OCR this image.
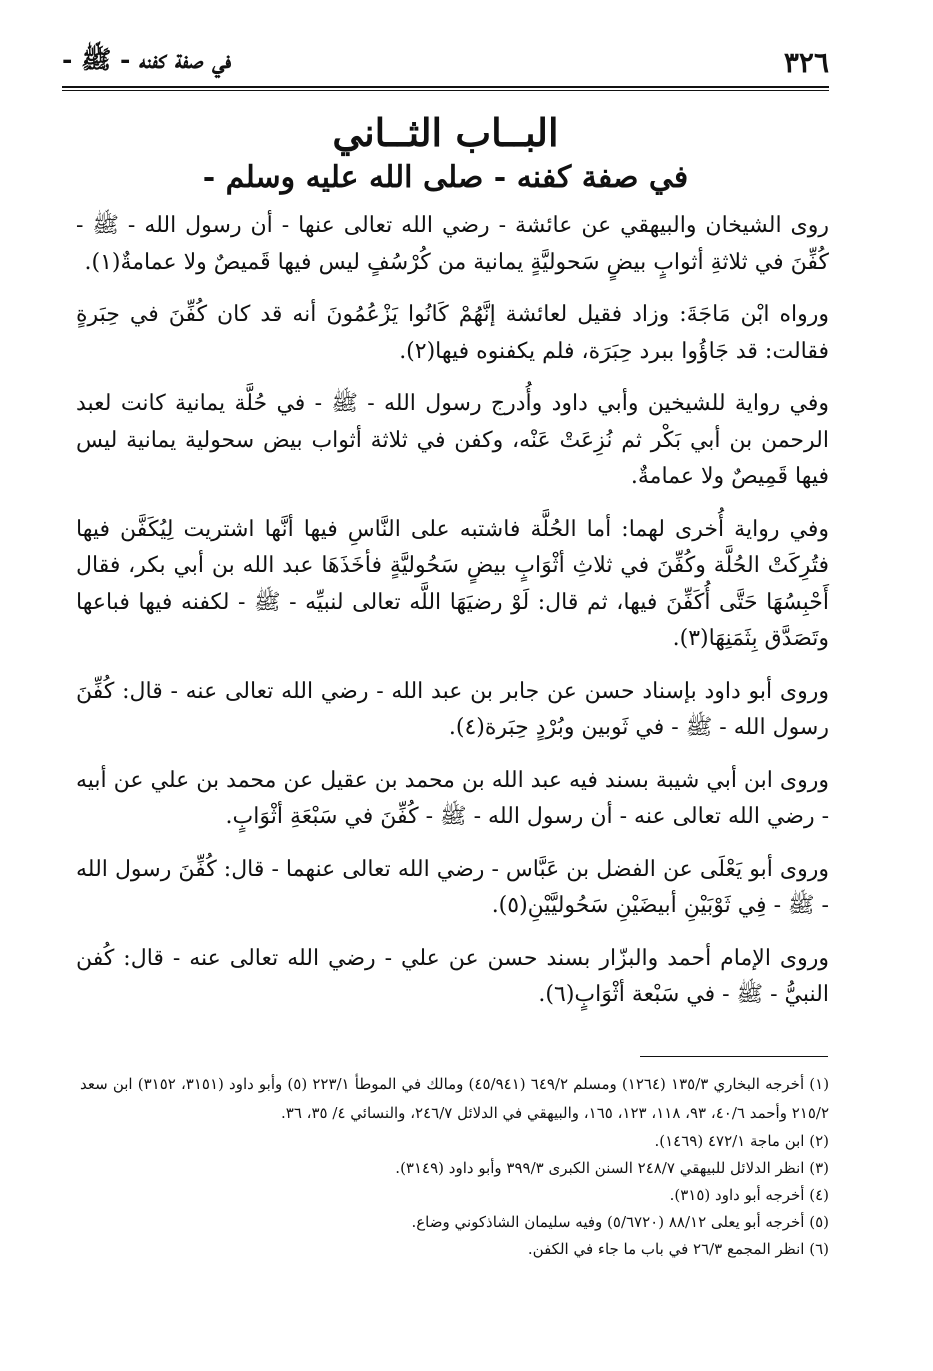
٣٢٦
في صفة كفنه - ﷺ -
البــاب الثــاني
في صفة كفنه - صلى الله عليه وسلم -

روى الشيخان والبيهقي عن عائشة - رضي الله تعالى عنها - أن رسول الله - ﷺ - كُفِّنَ في ثلاثةِ أثوابٍ بيضٍ سَحوليَّةٍ يمانية من كُرْسُفٍ ليس فيها قَميصٌ ولا عمامةٌ(١).

ورواه ابْن مَاجَةَ: وزاد فقيل لعائشة إنَّهُمْ كَانُوا يَزْعُمُونَ أنه قد كان كُفِّنَ في حِبَرةٍ فقالت: قد جَاؤُوا ببرد حِبَرَة، فلم يكفنوه فيها(٢).

وفي رواية للشيخين وأبي داود وأُدرج رسول الله - ﷺ - في حُلَّة يمانية كانت لعبد الرحمن بن أبي بَكْر ثم نُزِعَتْ عَنْه، وكفن في ثلاثة أثواب بيض سحولية يمانية ليس فيها قَمِيصٌ ولا عمامةٌ.

وفي رواية أُخرى لهما: أما الحُلَّة فاشتبه على النَّاسِ فيها أنَّها اشتريت لِيُكَفَّن فيها فتُرِكَتْ الحُلَّة وكُفِّنَ في ثلاثِ أثْوَابٍ بيضٍ سَحُوليَّةٍ فأخَذَهَا عبد الله بن أبي بكر، فقال أَحْبِسُهَا حَتَّى أُكَفِّنَ فيها، ثم قال: لَوْ رضيَهَا اللَّه تعالى لنبيِّه - ﷺ - لكفنه فيها فباعها وتَصَدَّق بِثَمَنِهَا(٣).

وروى أبو داود بإسناد حسن عن جابر بن عبد الله - رضي الله تعالى عنه - قال: كُفِّنَ رسول الله - ﷺ - في ثَوبين وبُرْدٍ حِبَرة(٤).

وروى ابن أبي شيبة بسند فيه عبد الله بن محمد بن عقيل عن محمد بن علي عن أبيه - رضي الله تعالى عنه - أن رسول الله - ﷺ - كُفِّنَ في سَبْعَةِ أثْوَابٍ.

وروى أبو يَعْلَى عن الفضل بن عَبَّاس - رضي الله تعالى عنهما - قال: كُفِّنَ رسول الله - ﷺ - فِي ثَوْبَيْنِ أبيضَيْنِ سَحُوليَّيْنِ(٥).

وروى الإمام أحمد والبزّار بسند حسن عن علي - رضي الله تعالى عنه - قال: كُفن النبيُّ - ﷺ - في سَبْعة أثْوَابٍ(٦).

(١) أخرجه البخاري ١٣٥/٣ (١٢٦٤) ومسلم ٦٤٩/٢ (٤٥/٩٤١) ومالك في الموطأ ٢٢٣/١ (٥) وأبو داود (٣١٥١، ٣١٥٢) ابن سعد ٢١٥/٢ وأحمد ٤٠/٦، ٩٣، ١١٨، ١٢٣، ١٦٥، والبيهقي في الدلائل ٢٤٦/٧، والنسائي ٤/ ٣٥، ٣٦.

(٢) ابن ماجة ٤٧٢/١ (١٤٦٩).

(٣) انظر الدلائل للبيهقي ٢٤٨/٧ السنن الكبرى ٣٩٩/٣ وأبو داود (٣١٤٩).

(٤) أخرجه أبو داود (٣١٥).

(٥) أخرجه أبو يعلى ٨٨/١٢ (٥/٦٧٢٠) وفيه سليمان الشاذكوني وضاع.

(٦) انظر المجمع ٢٦/٣ في باب ما جاء في الكفن.
